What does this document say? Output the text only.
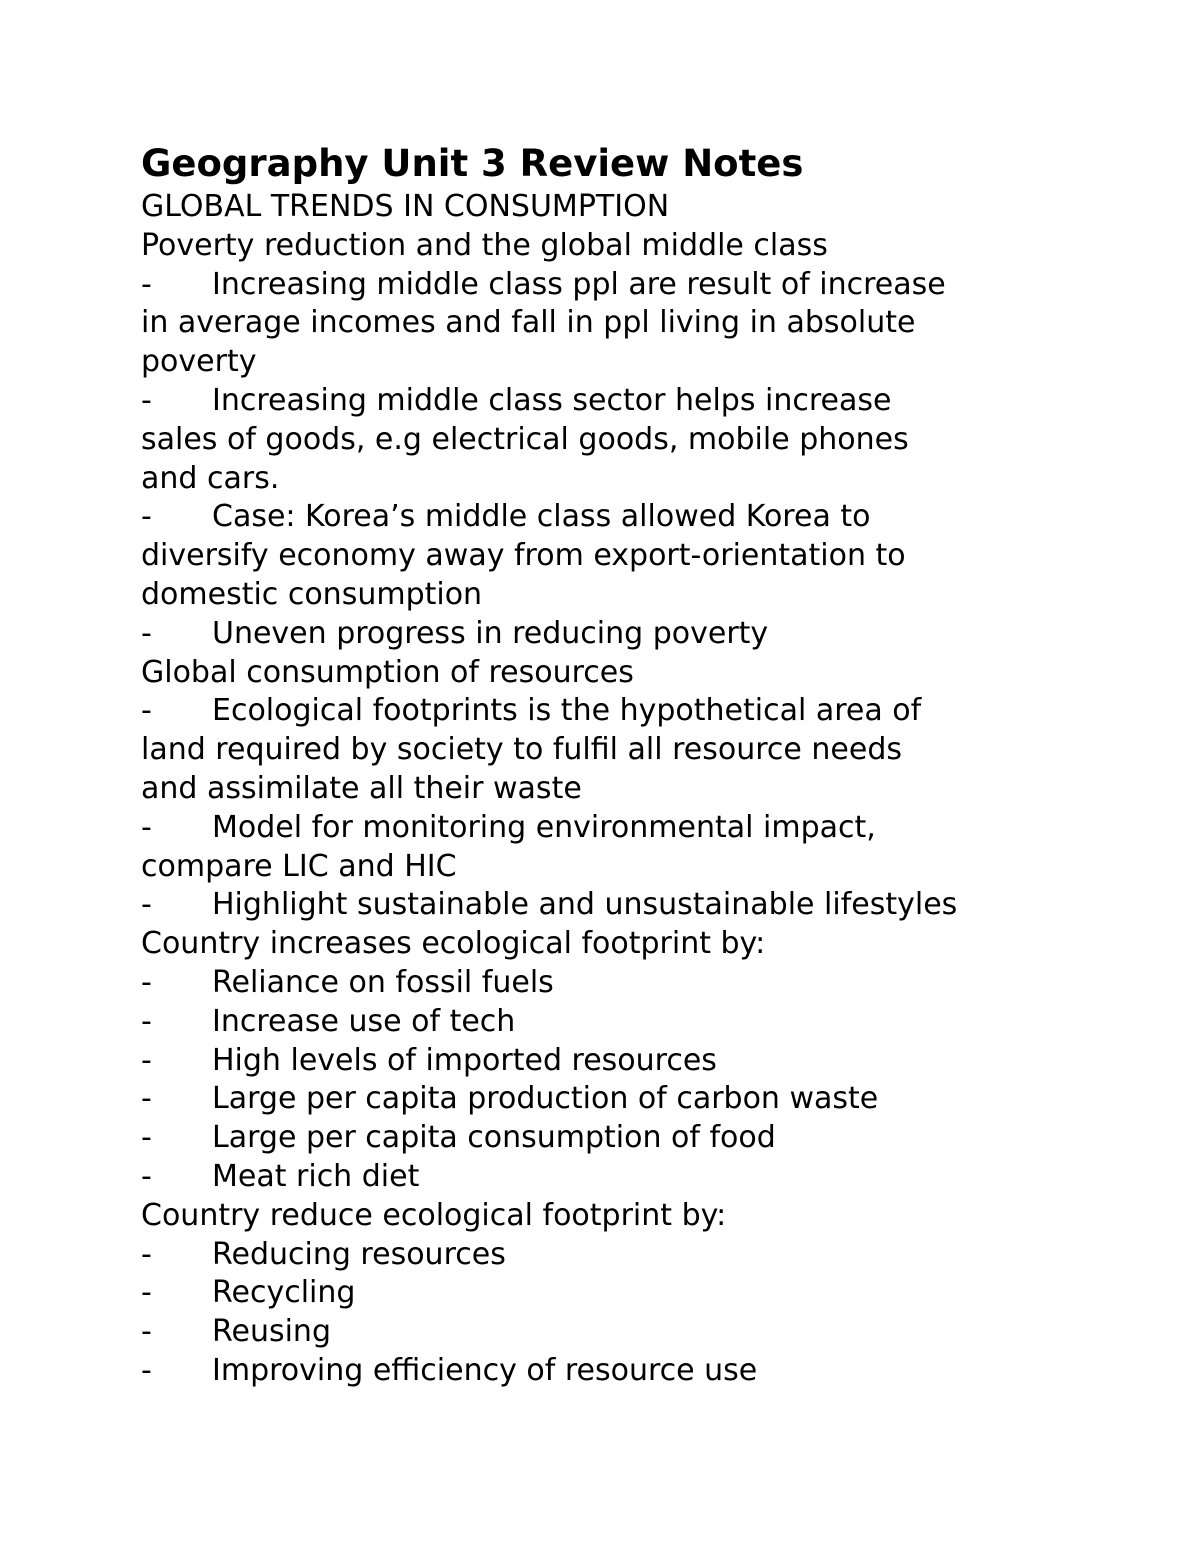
Geography Unit 3 Review Notes
GLOBAL TRENDS IN CONSUMPTION
Poverty reduction and the global middle class
-	Increasing middle class ppl are result of increase
in average incomes and fall in ppl living in absolute
poverty
-	Increasing middle class sector helps increase
sales of goods, e.g electrical goods, mobile phones
and cars.
-	Case: Korea’s middle class allowed Korea to
diversify economy away from export-orientation to
domestic consumption
-	Uneven progress in reducing poverty
Global consumption of resources
-	Ecological footprints is the hypothetical area of
land required by society to fulfil all resource needs
and assimilate all their waste
-	Model for monitoring environmental impact,
compare LIC and HIC
-	Highlight sustainable and unsustainable lifestyles
Country increases ecological footprint by:
-	Reliance on fossil fuels
-	Increase use of tech
-	High levels of imported resources
-	Large per capita production of carbon waste
-	Large per capita consumption of food
-	Meat rich diet
Country reduce ecological footprint by:
-	Reducing resources
-	Recycling
-	Reusing
-	Improving efficiency of resource use
